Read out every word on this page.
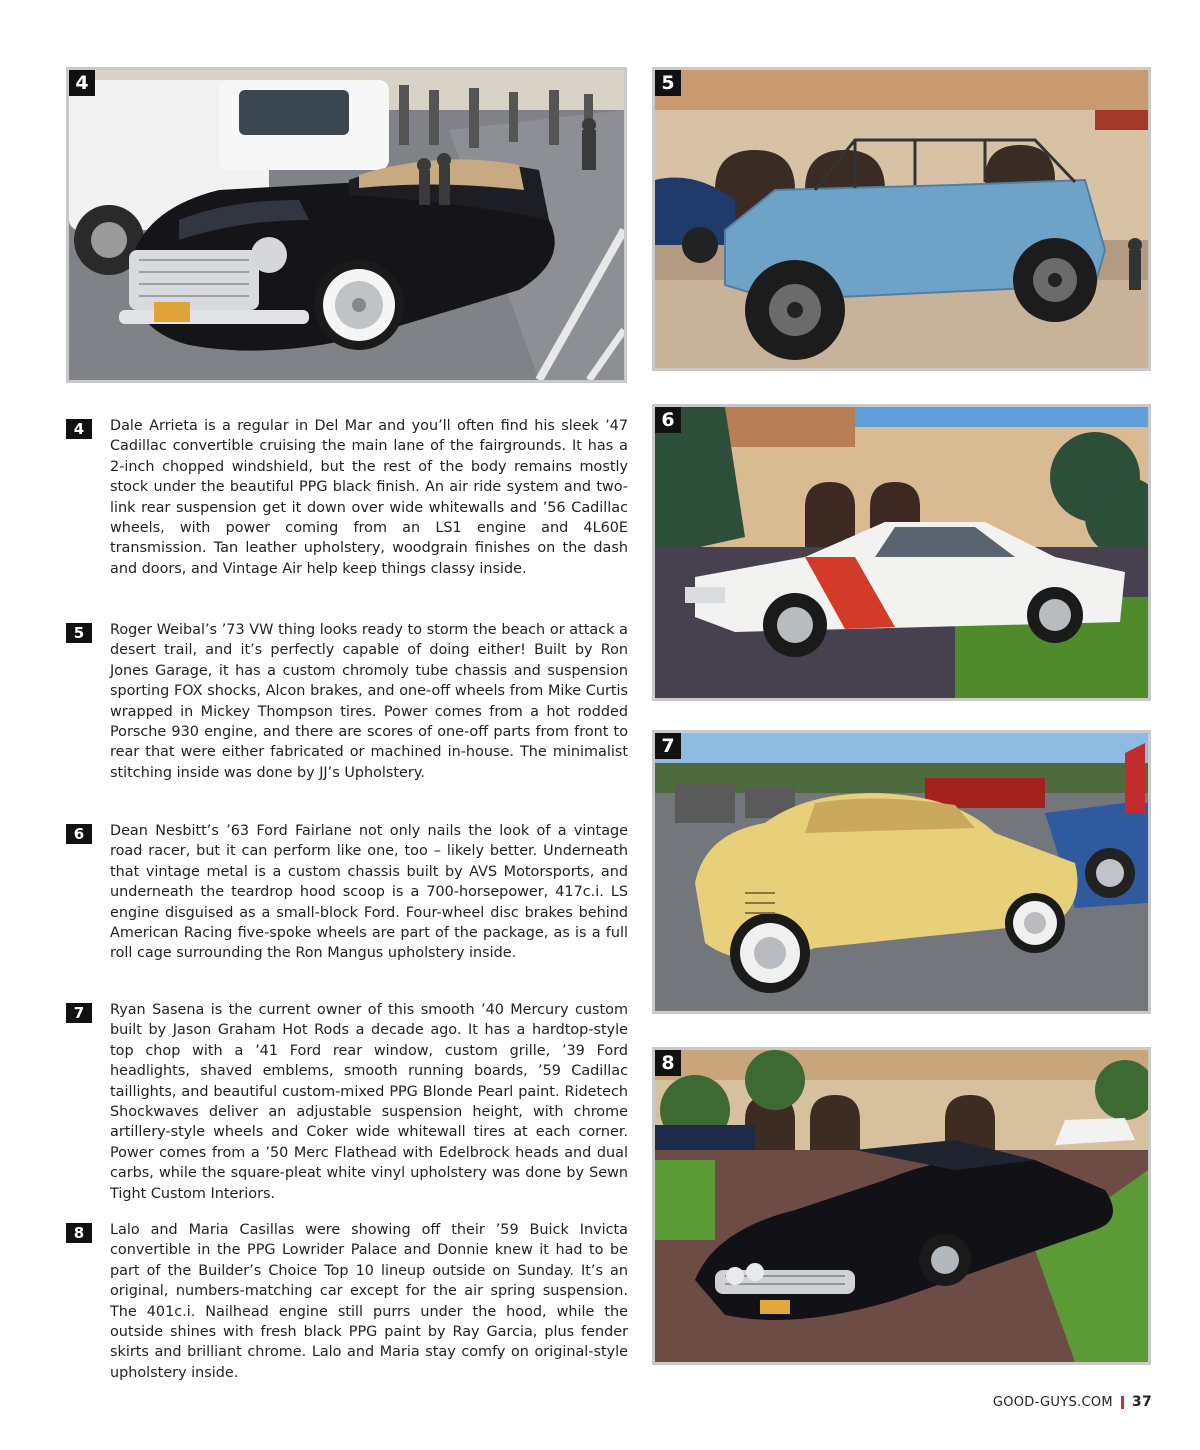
4	5
6
7
8
4	Dale Arrieta is a regular in Del Mar and you’ll often find his sleek ’47 Cadillac convertible cruising the main lane of the fairgrounds. It has a 2-inch chopped windshield, but the rest of the body remains mostly stock under the beautiful PPG black finish. An air ride system and two-link rear suspension get it down over wide whitewalls and ’56 Cadillac wheels, with power coming from an LS1 engine and 4L60E transmission. Tan leather upholstery, woodgrain finishes on the dash and doors, and Vintage Air help keep things classy inside.

5	Roger Weibal’s ’73 VW thing looks ready to storm the beach or attack a desert trail, and it’s perfectly capable of doing either! Built by Ron Jones Garage, it has a custom chromoly tube chassis and suspension sporting FOX shocks, Alcon brakes, and one-off wheels from Mike Curtis wrapped in Mickey Thompson tires. Power comes from a hot rodded Porsche 930 engine, and there are scores of one-off parts from front to rear that were either fabricated or machined in-house. The minimalist stitching inside was done by JJ’s Upholstery.

6	Dean Nesbitt’s ’63 Ford Fairlane not only nails the look of a vintage road racer, but it can perform like one, too – likely better. Underneath that vintage metal is a custom chassis built by AVS Motorsports, and underneath the teardrop hood scoop is a 700-horsepower, 417c.i. LS engine disguised as a small-block Ford. Four-wheel disc brakes behind American Racing five-spoke wheels are part of the package, as is a full roll cage surrounding the Ron Mangus upholstery inside.

7	Ryan Sasena is the current owner of this smooth ’40 Mercury custom built by Jason Graham Hot Rods a decade ago. It has a hardtop-style top chop with a ’41 Ford rear window, custom grille, ’39 Ford headlights, shaved emblems, smooth running boards, ’59 Cadillac taillights, and beautiful custom-mixed PPG Blonde Pearl paint. Ridetech Shockwaves deliver an adjustable suspension height, with chrome artillery-style wheels and Coker wide whitewall tires at each corner. Power comes from a ’50 Merc Flathead with Edelbrock heads and dual carbs, while the square-pleat white vinyl upholstery was done by Sewn Tight Custom Interiors.

8	Lalo and Maria Casillas were showing off their ’59 Buick Invicta convertible in the PPG Lowrider Palace and Donnie knew it had to be part of the Builder’s Choice Top 10 lineup outside on Sunday. It’s an original, numbers-matching car except for the air spring suspension. The 401c.i. Nailhead engine still purrs under the hood, while the outside shines with fresh black PPG paint by Ray Garcia, plus fender skirts and brilliant chrome. Lalo and Maria stay comfy on original-style upholstery inside.

GOOD-GUYS.COM 37
